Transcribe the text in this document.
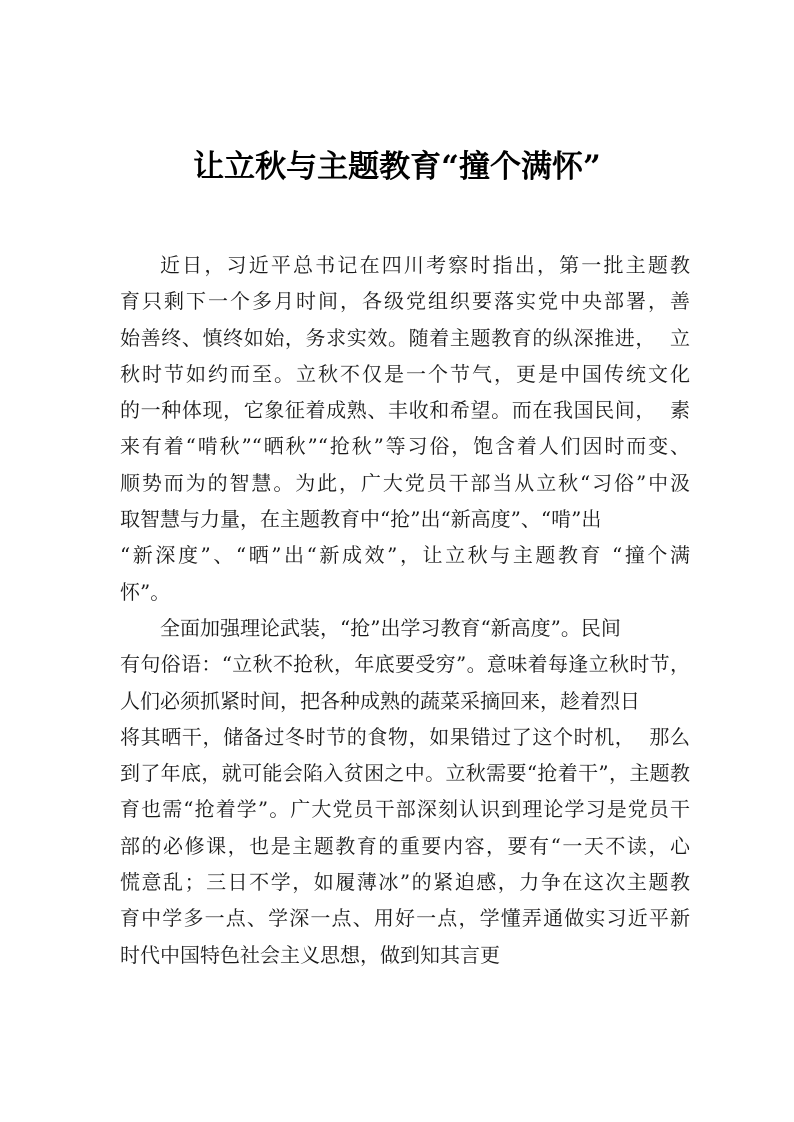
让立秋与主题教育“撞个满怀”
近日，习近平总书记在四川考察时指出，第一批主题教
育只剩下一个多月时间，各级党组织要落实党中央部署，善
始善终、慎终如始，务求实效。随着主题教育的纵深推进，  立
秋时节如约而至。立秋不仅是一个节气，更是中国传统文化
的一种体现，它象征着成熟、丰收和希望。而在我国民间，  素
来有着“啃秋”“晒秋”“抢秋”等习俗，饱含着人们因时而变、
顺势而为的智慧。为此，广大党员干部当从立秋“习俗”中汲
取智慧与力量，在主题教育中“抢”出“新高度”、“啃”出
“新深度”、“晒”出“新成效”，让立秋与主题教育 “撞个满
怀”。
全面加强理论武装，“抢”出学习教育“新高度”。民间
有句俗语：“立秋不抢秋，年底要受穷”。意味着每逢立秋时节，
人们必须抓紧时间，把各种成熟的蔬菜采摘回来，趁着烈日
将其晒干，储备过冬时节的食物，如果错过了这个时机，  那么
到了年底，就可能会陷入贫困之中。立秋需要“抢着干”，主题教
育也需“抢着学”。广大党员干部深刻认识到理论学习是党员干
部的必修课，也是主题教育的重要内容，要有“一天不读，心
慌意乱；三日不学，如履薄冰”的紧迫感，力争在这次主题教
育中学多一点、学深一点、用好一点，学懂弄通做实习近平新
时代中国特色社会主义思想，做到知其言更
